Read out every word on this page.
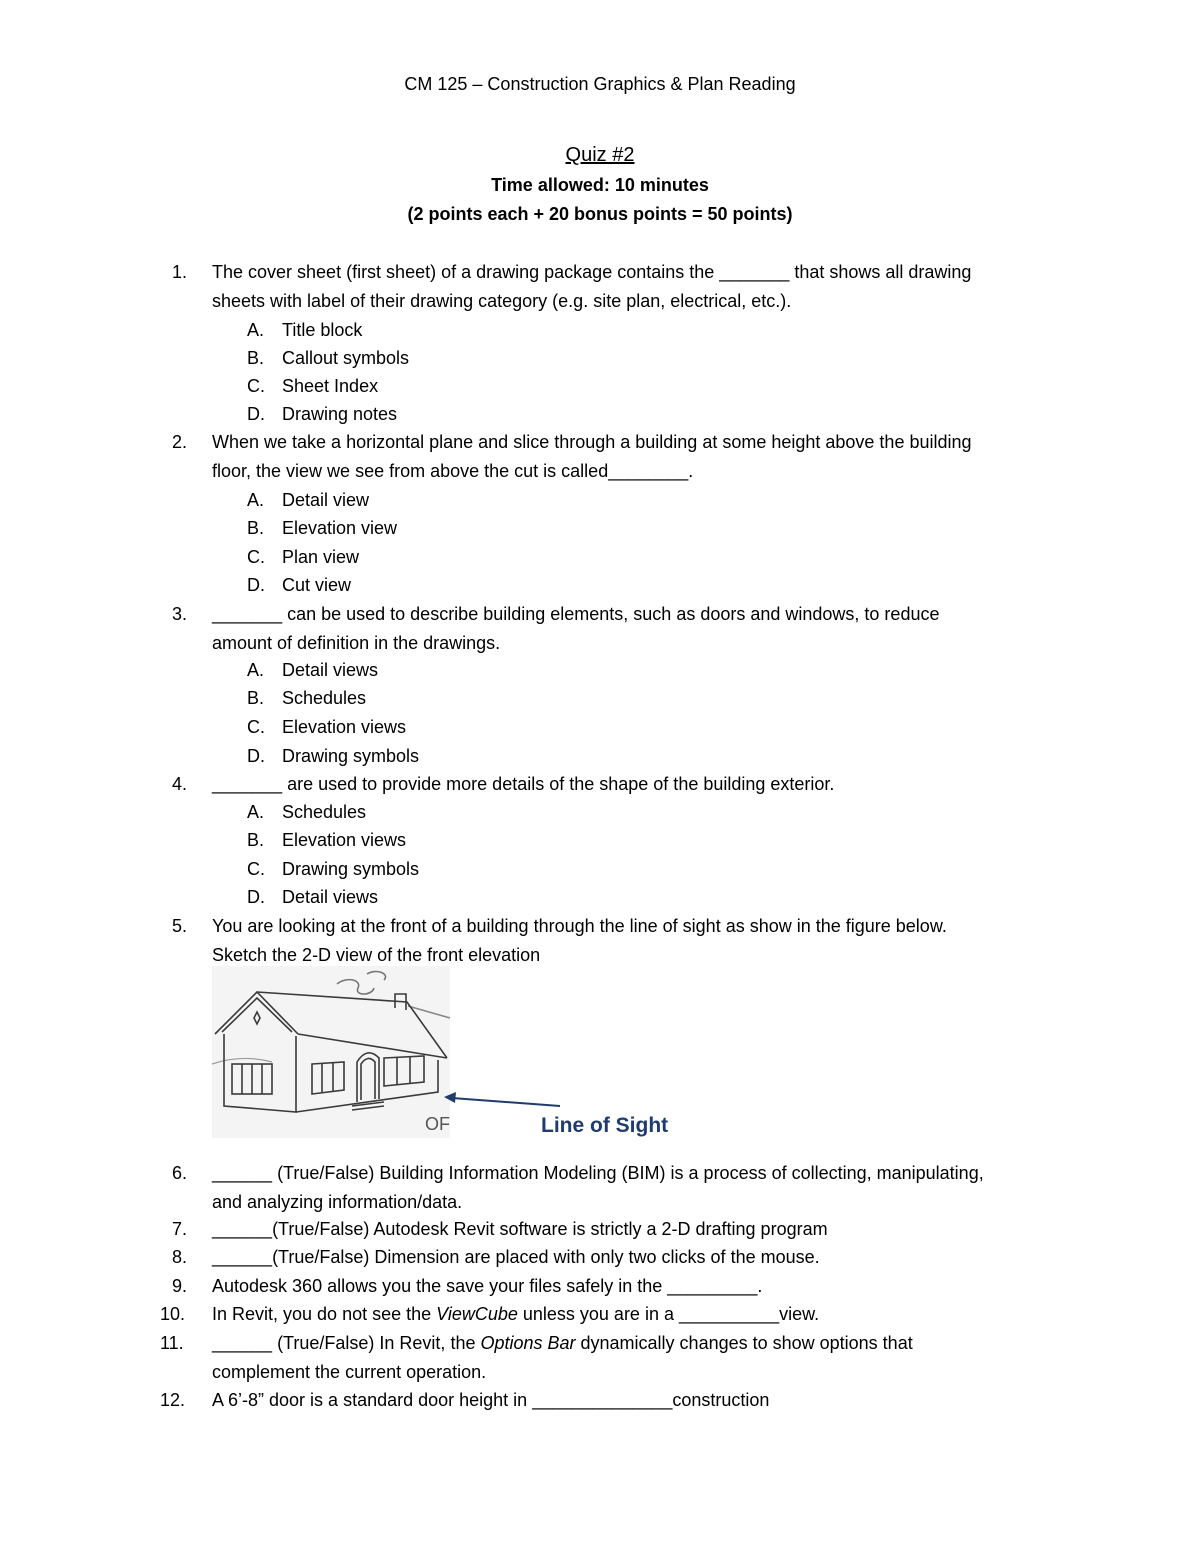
CM 125 – Construction Graphics & Plan Reading
Quiz #2
Time allowed: 10 minutes
(2 points each + 20 bonus points = 50 points)
1. The cover sheet (first sheet) of a drawing package contains the _______ that shows all drawing
sheets with label of their drawing category (e.g. site plan, electrical, etc.).
A. Title block
B. Callout symbols
C. Sheet Index
D. Drawing notes
2. When we take a horizontal plane and slice through a building at some height above the building
floor, the view we see from above the cut is called________.
A. Detail view
B. Elevation view
C. Plan view
D. Cut view
3. _______ can be used to describe building elements, such as doors and windows, to reduce
amount of definition in the drawings.
A. Detail views
B. Schedules
C. Elevation views
D. Drawing symbols
4. _______ are used to provide more details of the shape of the building exterior.
A. Schedules
B. Elevation views
C. Drawing symbols
D. Detail views
5. You are looking at the front of a building through the line of sight as show in the figure below.
Sketch the 2-D view of the front elevation
OF	Line of Sight
6. ______ (True/False) Building Information Modeling (BIM) is a process of collecting, manipulating,
and analyzing information/data.
7. ______(True/False) Autodesk Revit software is strictly a 2-D drafting program
8. ______(True/False) Dimension are placed with only two clicks of the mouse.
9. Autodesk 360 allows you the save your files safely in the _________.
10. In Revit, you do not see the ViewCube unless you are in a __________view.
11. ______ (True/False) In Revit, the Options Bar dynamically changes to show options that
complement the current operation.
12. A 6’-8” door is a standard door height in ______________construction
